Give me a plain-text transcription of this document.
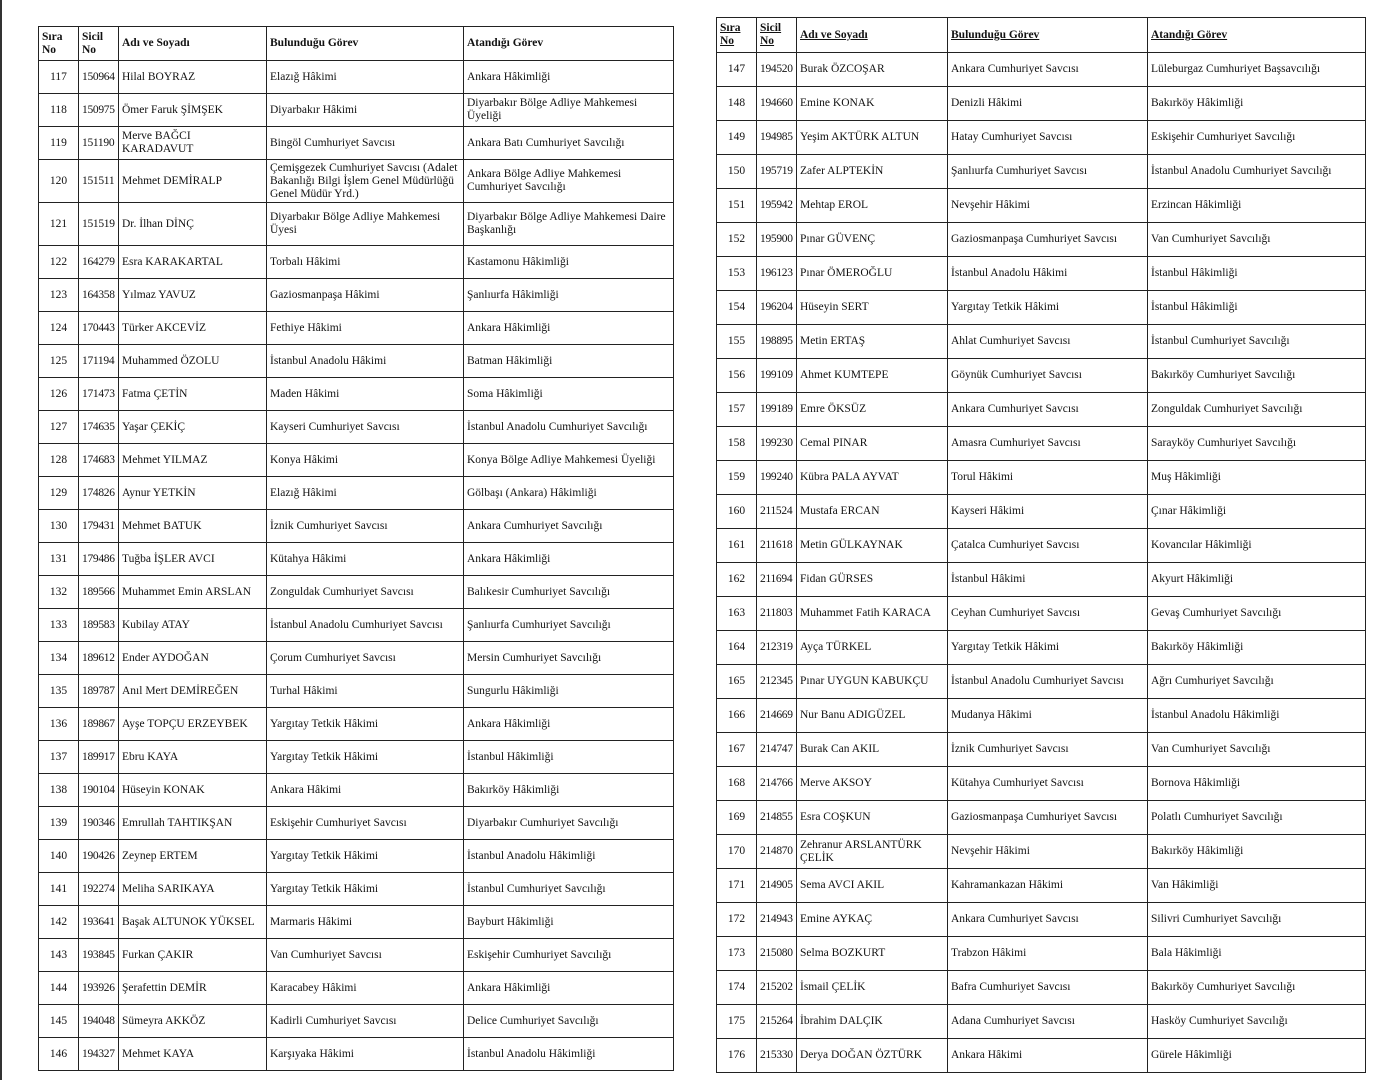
Sıra No	Sicil No	Adı ve Soyadı	Bulunduğu Görev	Atandığı Görev
117	150964	Hilal BOYRAZ	Elazığ Hâkimi	Ankara Hâkimliği
118	150975	Ömer Faruk ŞİMŞEK	Diyarbakır Hâkimi	Diyarbakır Bölge Adliye Mahkemesi Üyeliği
119	151190	Merve BAĞCI KARADAVUT	Bingöl Cumhuriyet Savcısı	Ankara Batı Cumhuriyet Savcılığı
120	151511	Mehmet DEMİRALP	Çemişgezek Cumhuriyet Savcısı (Adalet Bakanlığı Bilgi İşlem Genel Müdürlüğü Genel Müdür Yrd.)	Ankara Bölge Adliye Mahkemesi Cumhuriyet Savcılığı
121	151519	Dr. İlhan DİNÇ	Diyarbakır Bölge Adliye Mahkemesi Üyesi	Diyarbakır Bölge Adliye Mahkemesi Daire Başkanlığı
122	164279	Esra KARAKARTAL	Torbalı Hâkimi	Kastamonu Hâkimliği
123	164358	Yılmaz YAVUZ	Gaziosmanpaşa Hâkimi	Şanlıurfa Hâkimliği
124	170443	Türker AKCEVİZ	Fethiye Hâkimi	Ankara Hâkimliği
125	171194	Muhammed ÖZOLU	İstanbul Anadolu Hâkimi	Batman Hâkimliği
126	171473	Fatma ÇETİN	Maden Hâkimi	Soma Hâkimliği
127	174635	Yaşar ÇEKİÇ	Kayseri Cumhuriyet Savcısı	İstanbul Anadolu Cumhuriyet Savcılığı
128	174683	Mehmet YILMAZ	Konya Hâkimi	Konya Bölge Adliye Mahkemesi Üyeliği
129	174826	Aynur YETKİN	Elazığ Hâkimi	Gölbaşı (Ankara) Hâkimliği
130	179431	Mehmet BATUK	İznik Cumhuriyet Savcısı	Ankara Cumhuriyet Savcılığı
131	179486	Tuğba İŞLER AVCI	Kütahya Hâkimi	Ankara Hâkimliği
132	189566	Muhammet Emin ARSLAN	Zonguldak Cumhuriyet Savcısı	Balıkesir Cumhuriyet Savcılığı
133	189583	Kubilay ATAY	İstanbul Anadolu Cumhuriyet Savcısı	Şanlıurfa Cumhuriyet Savcılığı
134	189612	Ender AYDOĞAN	Çorum Cumhuriyet Savcısı	Mersin Cumhuriyet Savcılığı
135	189787	Anıl Mert DEMİREĞEN	Turhal Hâkimi	Sungurlu Hâkimliği
136	189867	Ayşe TOPÇU ERZEYBEK	Yargıtay Tetkik Hâkimi	Ankara Hâkimliği
137	189917	Ebru KAYA	Yargıtay Tetkik Hâkimi	İstanbul Hâkimliği
138	190104	Hüseyin KONAK	Ankara Hâkimi	Bakırköy Hâkimliği
139	190346	Emrullah TAHTIKŞAN	Eskişehir Cumhuriyet Savcısı	Diyarbakır Cumhuriyet Savcılığı
140	190426	Zeynep ERTEM	Yargıtay Tetkik Hâkimi	İstanbul Anadolu Hâkimliği
141	192274	Meliha SARIKAYA	Yargıtay Tetkik Hâkimi	İstanbul Cumhuriyet Savcılığı
142	193641	Başak ALTUNOK YÜKSEL	Marmaris Hâkimi	Bayburt Hâkimliği
143	193845	Furkan ÇAKIR	Van Cumhuriyet Savcısı	Eskişehir Cumhuriyet Savcılığı
144	193926	Şerafettin DEMİR	Karacabey Hâkimi	Ankara Hâkimliği
145	194048	Sümeyra AKKÖZ	Kadirli Cumhuriyet Savcısı	Delice Cumhuriyet Savcılığı
146	194327	Mehmet KAYA	Karşıyaka Hâkimi	İstanbul Anadolu Hâkimliği
Sıra No	Sicil No	Adı ve Soyadı	Bulunduğu Görev	Atandığı Görev
147	194520	Burak ÖZCOŞAR	Ankara Cumhuriyet Savcısı	Lüleburgaz Cumhuriyet Başsavcılığı
148	194660	Emine KONAK	Denizli Hâkimi	Bakırköy Hâkimliği
149	194985	Yeşim AKTÜRK ALTUN	Hatay Cumhuriyet Savcısı	Eskişehir Cumhuriyet Savcılığı
150	195719	Zafer ALPTEKİN	Şanlıurfa Cumhuriyet Savcısı	İstanbul Anadolu Cumhuriyet Savcılığı
151	195942	Mehtap EROL	Nevşehir Hâkimi	Erzincan Hâkimliği
152	195900	Pınar GÜVENÇ	Gaziosmanpaşa Cumhuriyet Savcısı	Van Cumhuriyet Savcılığı
153	196123	Pınar ÖMEROĞLU	İstanbul Anadolu Hâkimi	İstanbul Hâkimliği
154	196204	Hüseyin SERT	Yargıtay Tetkik Hâkimi	İstanbul Hâkimliği
155	198895	Metin ERTAŞ	Ahlat Cumhuriyet Savcısı	İstanbul Cumhuriyet Savcılığı
156	199109	Ahmet KUMTEPE	Göynük Cumhuriyet Savcısı	Bakırköy Cumhuriyet Savcılığı
157	199189	Emre ÖKSÜZ	Ankara Cumhuriyet Savcısı	Zonguldak Cumhuriyet Savcılığı
158	199230	Cemal PINAR	Amasra Cumhuriyet Savcısı	Sarayköy Cumhuriyet Savcılığı
159	199240	Kübra PALA AYVAT	Torul Hâkimi	Muş Hâkimliği
160	211524	Mustafa ERCAN	Kayseri Hâkimi	Çınar Hâkimliği
161	211618	Metin GÜLKAYNAK	Çatalca Cumhuriyet Savcısı	Kovancılar Hâkimliği
162	211694	Fidan GÜRSES	İstanbul Hâkimi	Akyurt Hâkimliği
163	211803	Muhammet Fatih KARACA	Ceyhan Cumhuriyet Savcısı	Gevaş Cumhuriyet Savcılığı
164	212319	Ayça TÜRKEL	Yargıtay Tetkik Hâkimi	Bakırköy Hâkimliği
165	212345	Pınar UYGUN KABUKÇU	İstanbul Anadolu Cumhuriyet Savcısı	Ağrı Cumhuriyet Savcılığı
166	214669	Nur Banu ADIGÜZEL	Mudanya Hâkimi	İstanbul Anadolu Hâkimliği
167	214747	Burak Can AKIL	İznik Cumhuriyet Savcısı	Van Cumhuriyet Savcılığı
168	214766	Merve AKSOY	Kütahya Cumhuriyet Savcısı	Bornova Hâkimliği
169	214855	Esra COŞKUN	Gaziosmanpaşa Cumhuriyet Savcısı	Polatlı Cumhuriyet Savcılığı
170	214870	Zehranur ARSLANTÜRK ÇELİK	Nevşehir Hâkimi	Bakırköy Hâkimliği
171	214905	Sema AVCI AKIL	Kahramankazan Hâkimi	Van Hâkimliği
172	214943	Emine AYKAÇ	Ankara Cumhuriyet Savcısı	Silivri Cumhuriyet Savcılığı
173	215080	Selma BOZKURT	Trabzon Hâkimi	Bala Hâkimliği
174	215202	İsmail ÇELİK	Bafra Cumhuriyet Savcısı	Bakırköy Cumhuriyet Savcılığı
175	215264	İbrahim DALÇIK	Adana Cumhuriyet Savcısı	Hasköy Cumhuriyet Savcılığı
176	215330	Derya DOĞAN ÖZTÜRK	Ankara Hâkimi	Gürele Hâkimliği
